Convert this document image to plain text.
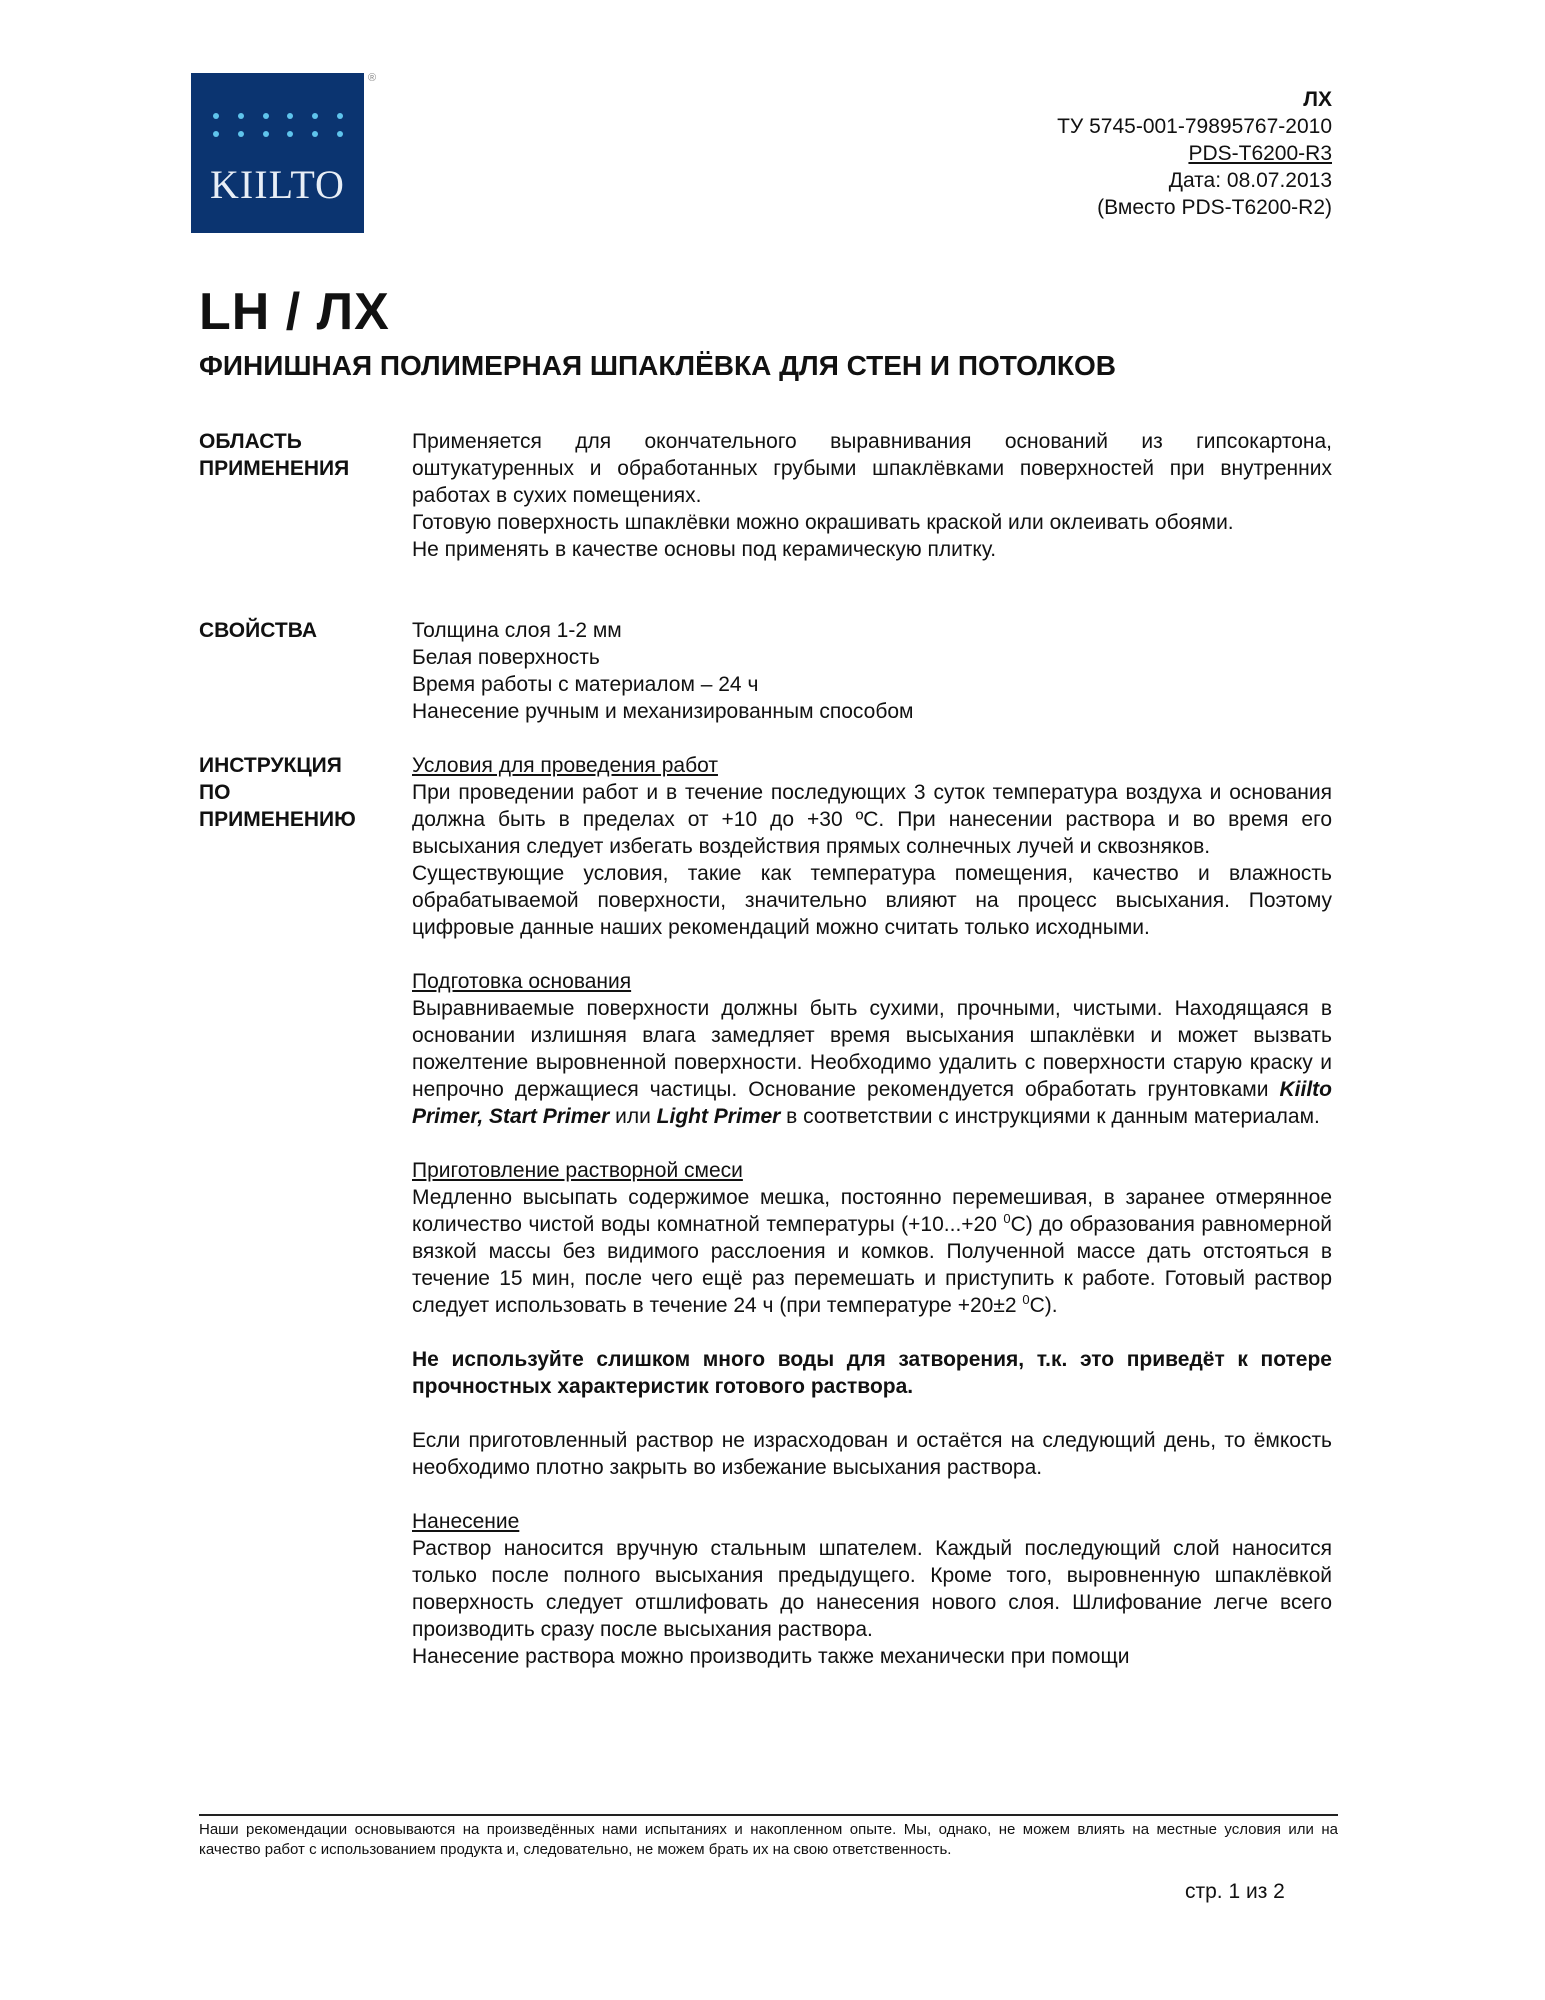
KIILTO
®
ЛХ
ТУ 5745-001-79895767-2010
PDS-T6200-R3
Дата: 08.07.2013
(Вместо PDS-T6200-R2)
LH / ЛХ
ФИНИШНАЯ ПОЛИМЕРНАЯ ШПАКЛЁВКА ДЛЯ СТЕН И ПОТОЛКОВ
ОБЛАСТЬ ПРИМЕНЕНИЯ

Применяется для окончательного выравнивания оснований из гипсокартона, оштукатуренных и обработанных грубыми шпаклёвками поверхностей при внутренних работах в сухих помещениях.

Готовую поверхность шпаклёвки можно окрашивать краской или оклеивать обоями.

Не применять в качестве основы под керамическую плитку.

СВОЙСТВА	Толщина слоя 1-2 мм

Белая поверхность

Время работы с материалом – 24 ч

Нанесение ручным и механизированным способом

ИНСТРУКЦИЯ ПО ПРИМЕНЕНИЮ

Условия для проведения работ

При проведении работ и в течение последующих 3 суток температура воздуха и основания должна быть в пределах от +10 до +30 ºC. При нанесении раствора и во время его высыхания следует избегать воздействия прямых солнечных лучей и сквозняков.

Существующие условия, такие как температура помещения, качество и влажность обрабатываемой поверхности, значительно влияют на процесс высыхания. Поэтому цифровые данные наших рекомендаций можно считать только исходными.

Подготовка основания

Выравниваемые поверхности должны быть сухими, прочными, чистыми. Находящаяся в основании излишняя влага замедляет время высыхания шпаклёвки и может вызвать пожелтение выровненной поверхности. Необходимо удалить с поверхности старую краску и непрочно держащиеся частицы. Основание рекомендуется обработать грунтовками Kiilto Primer, Start Primer или Light Primer в соответствии с инструкциями к данным материалам.

Приготовление растворной смеси

Медленно высыпать содержимое мешка, постоянно перемешивая, в заранее отмерянное количество чистой воды комнатной температуры (+10...+20 $^0$C) до образования равномерной вязкой массы без видимого расслоения и комков. Полученной массе дать отстояться в течение 15 мин, после чего ещё раз перемешать и приступить к работе. Готовый раствор следует использовать в течение 24 ч (при температуре +20±2 $^0$C).

Не используйте слишком много воды для затворения, т.к. это приведёт к потере прочностных характеристик готового раствора.

Если приготовленный раствор не израсходован и остаётся на следующий день, то ёмкость необходимо плотно закрыть во избежание высыхания раствора.

Нанесение

Раствор наносится вручную стальным шпателем. Каждый последующий слой наносится только после полного высыхания предыдущего. Кроме того, выровненную шпаклёвкой поверхность следует отшлифовать до нанесения нового слоя. Шлифование легче всего производить сразу после высыхания раствора.

Нанесение раствора можно производить также механически при помощи

Наши рекомендации основываются на произведённых нами испытаниях и накопленном опыте. Мы, однако, не можем влиять на местные условия или на качество работ с использованием продукта и, следовательно, не можем брать их на свою ответственность.
стр. 1 из 2
